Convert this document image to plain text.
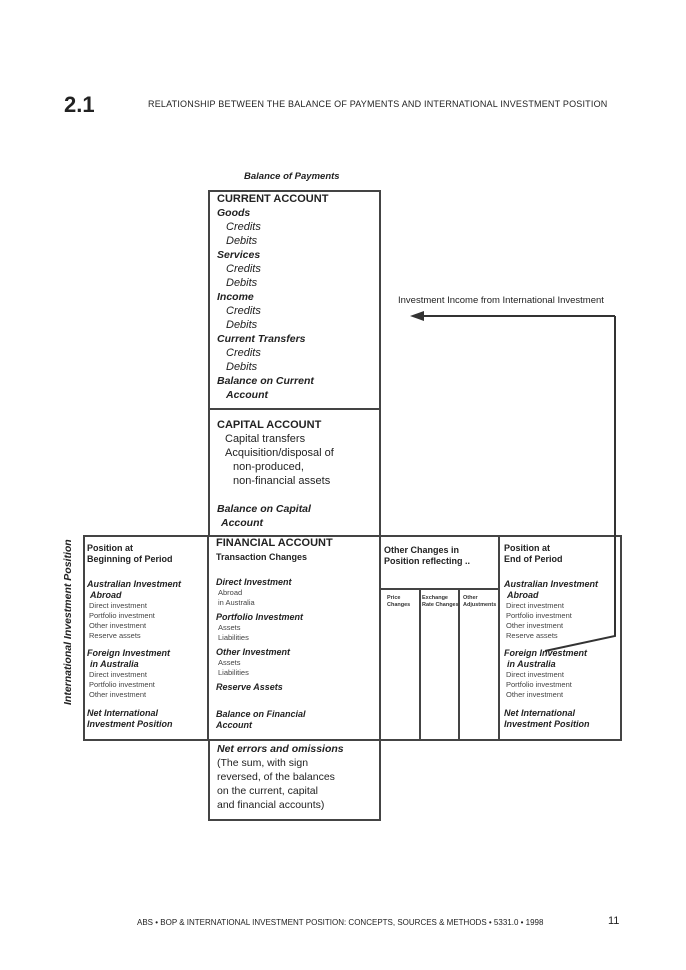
2.1	RELATIONSHIP BETWEEN THE BALANCE OF PAYMENTS AND INTERNATIONAL INVESTMENT POSITION
Balance of Payments
CURRENT ACCOUNT
Goods
Credits
Debits
Services
Credits
Debits
Income
Credits
Debits
Current Transfers
Credits
Debits
Balance on Current
Account
CAPITAL ACCOUNT
Capital transfers
Acquisition/disposal of
non-produced,
non-financial assets
Balance on Capital
Account
International Investment Position Position at
Beginning of Period
Australian Investment
Abroad
Direct investment
Portfolio investment
Other investment
Reserve assets
Foreign Investment
in Australia
Direct investment
Portfolio investment
Other investment
Net International
Investment Position
FINANCIAL ACCOUNT
Transaction Changes
Direct Investment
Abroad
in Australia
Portfolio Investment
Assets
Liabilities
Other Investment
Assets
Liabilities
Reserve Assets
Balance on Financial
Account
Other Changes in
Position reflecting ..
Price
Changes
Exchange
Rate Changes
Other
Adjustments
Position at
End of Period
Australian Investment
Abroad
Direct investment
Portfolio investment
Other investment
Reserve assets
Foreign Investment
in Australia
Direct investment
Portfolio investment
Other investment
Net International
Investment Position
Net errors and omissions
(The sum, with sign
reversed, of the balances
on the current, capital
and financial accounts)
Investment Income from International Investment
ABS • BOP & INTERNATIONAL INVESTMENT POSITION: CONCEPTS, SOURCES & METHODS • 5331.0 • 1998	11
